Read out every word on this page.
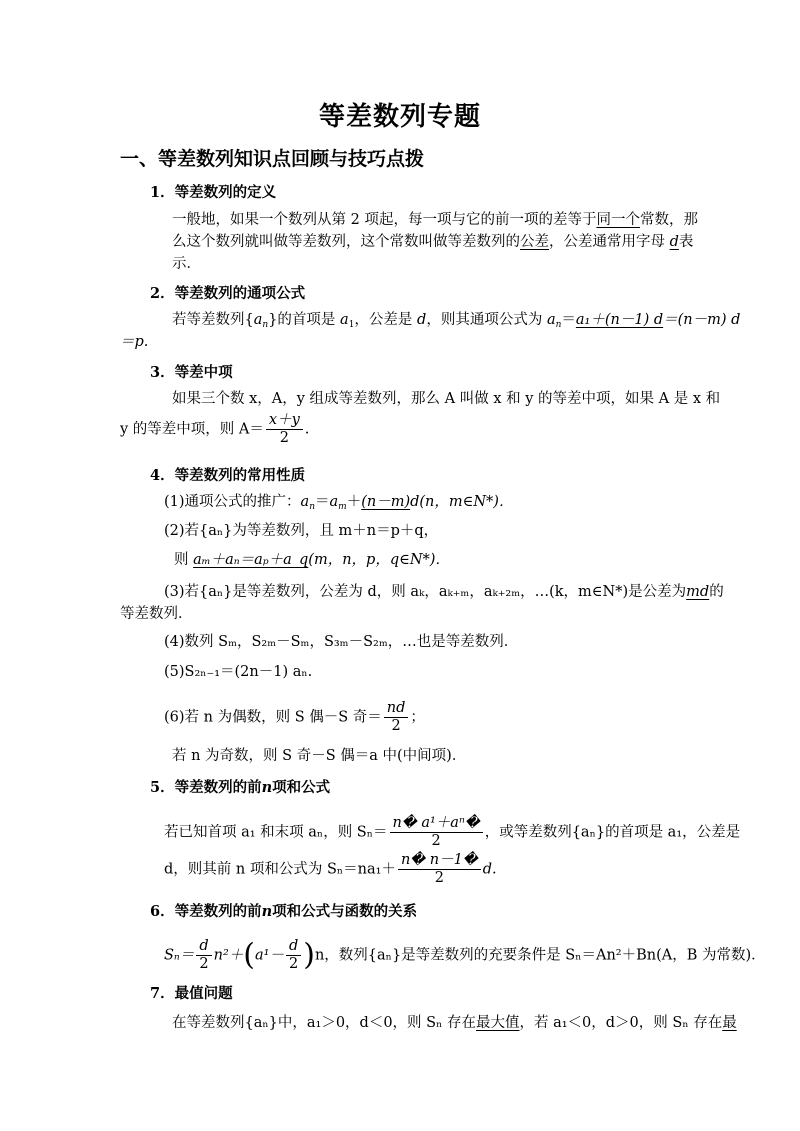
等差数列专题
一、等差数列知识点回顾与技巧点拨
1．等差数列的定义
一般地，如果一个数列从第 2 项起，每一项与它的前一项的差等于同一个常数，那
么这个数列就叫做等差数列，这个常数叫做等差数列的公差，公差通常用字母 d表
示．
2．等差数列的通项公式
若等差数列$\{a_n\}$的首项是 $a_1$，公差是 d，则其通项公式为 $a_n=a_1+(n-1)$ d＝(n－m) d
＝p.
3．等差中项
如果三个数 x，A，y 组成等差数列，那么 A 叫做 x 和 y 的等差中项，如果 A 是 x 和
y 的等差中项，则 $A= \frac{x+y}{2}$ .
4．等差数列的常用性质
(1)通项公式的推广：$a_n=a_m+(n-m)d(n$，m∈N*)．
(2)若{aₙ}为等差数列，且 m＋n＝p＋q，
则 aₘ＋aₙ＝aₚ＋a_q(m，n，p，q∈N*)．
(3)若{aₙ}是等差数列，公差为 d，则 aₖ，aₖ₊ₘ，aₖ₊₂ₘ，…(k，m∈N*)是公差为md的
等差数列．
(4)数列 Sₘ，S₂ₘ－Sₘ，S₃ₘ－S₂ₘ，…也是等差数列．
(5)S₂ₙ₋₁＝(2n－1) aₙ.
(6)若 n 为偶数，则 S 偶－S 奇＝ $\frac{nd}{2}$ ；
若 n 为奇数，则 S 奇－S 偶＝a 中(中间项)．
5．等差数列的前n项和公式
若已知首项 a₁ 和末项 aₙ，则 $S_n= \frac{\text{n� a¹＋aⁿ�}}{2}$ ，或等差数列{aₙ}的首项是 a₁，公差是
d，则其前 n 项和公式为 $S_n=na_1+ \frac{n� n-1�}{2} d$.
6．等差数列的前n项和公式与函数的关系
$S_n= \frac{d}{2} n^2+(a^1- \frac{d}{2} )n$，数列{aₙ}是等差数列的充要条件是 Sₙ＝An²＋Bn(A，B 为常数)．
7．最值问题
在等差数列{aₙ}中，a₁＞0，d＜0，则 Sₙ 存在最大值，若 a₁＜0，d＞0，则 Sₙ 存在最
